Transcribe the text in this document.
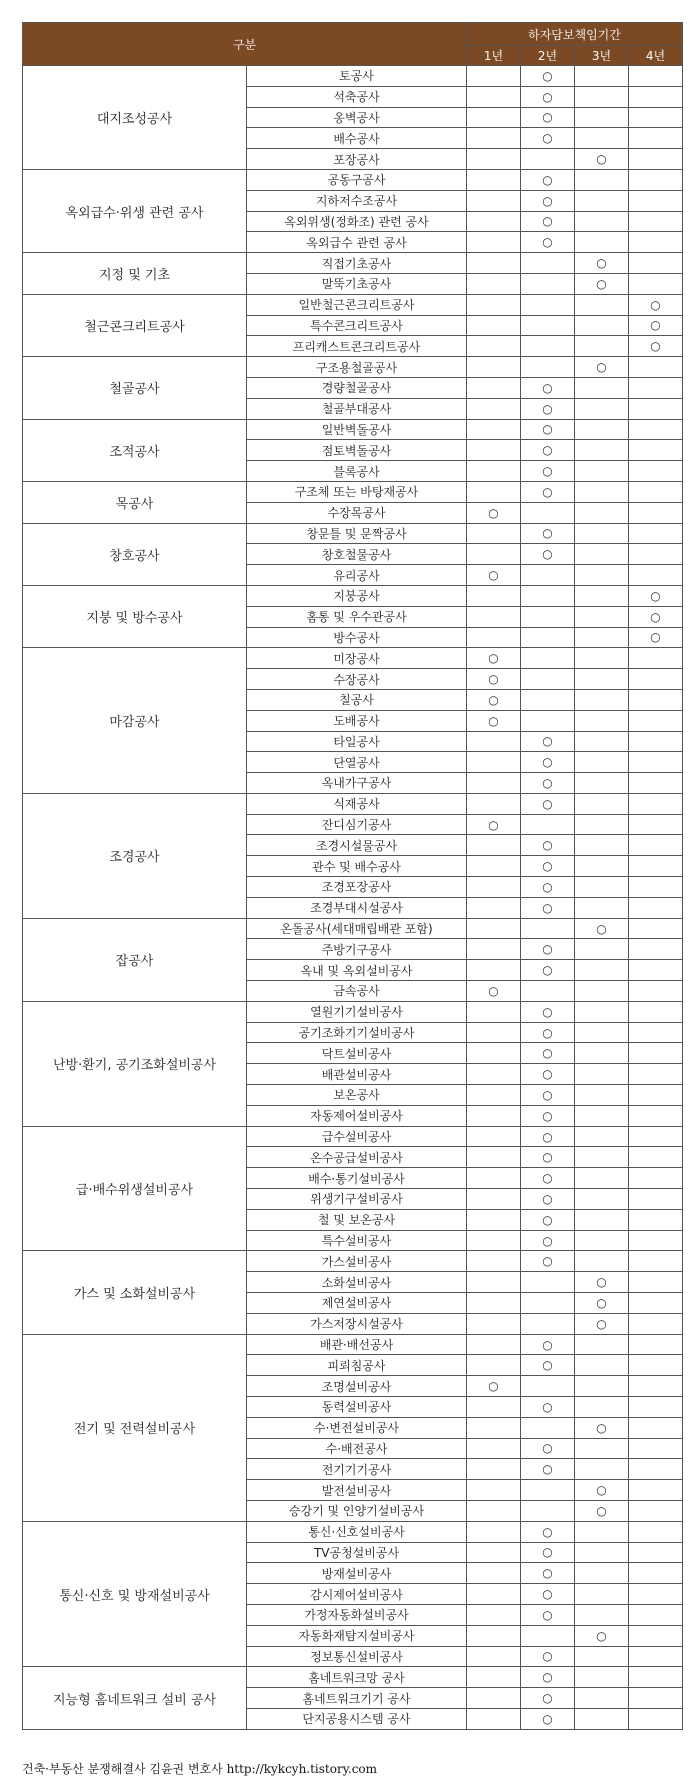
구분		하자담보책임기간			
		1년	2년	3년	4년
대지조성공사	토공사		○		
	석축공사		○		
	옹벽공사		○		
	배수공사		○		
	포장공사			○	
옥외급수·위생 관련 공사	공동구공사		○		
	지하저수조공사		○		
	옥외위생(정화조) 관련 공사		○		
	옥외급수 관련 공사		○		
지정 및 기초	직접기초공사			○	
	말뚝기초공사			○	
철근콘크리트공사	일반철근콘크리트공사				○
	특수콘크리트공사				○
	프리캐스트콘크리트공사				○
철골공사	구조용철골공사			○	
	경량철골공사		○		
	철골부대공사		○		
조적공사	일반벽돌공사		○		
	점토벽돌공사		○		
	블록공사		○		
목공사	구조체 또는 바탕재공사		○		
	수장목공사	○			
창호공사	창문틀 및 문짝공사		○		
	창호철물공사		○		
	유리공사	○			
지붕 및 방수공사	지붕공사				○
	홈통 및 우수관공사				○
	방수공사				○
마감공사	미장공사	○			
	수장공사	○			
	칠공사	○			
	도배공사	○			
	타일공사		○		
	단열공사		○		
	옥내가구공사		○		
조경공사	식재공사		○		
	잔디심기공사	○			
	조경시설물공사		○		
	관수 및 배수공사		○		
	조경포장공사		○		
	조경부대시설공사		○		
잡공사	온돌공사(세대매립배관 포함)			○	
	주방기구공사		○		
	옥내 및 옥외설비공사		○		
	금속공사	○			
난방·환기, 공기조화설비공사	열원기기설비공사		○		
	공기조화기기설비공사		○		
	닥트설비공사		○		
	배관설비공사		○		
	보온공사		○		
	자동제어설비공사		○		
급·배수위생설비공사	급수설비공사		○		
	온수공급설비공사		○		
	배수·통기설비공사		○		
	위생기구설비공사		○		
	철 및 보온공사		○		
	특수설비공사		○		
가스 및 소화설비공사	가스설비공사		○		
	소화설비공사			○	
	제연설비공사			○	
	가스저장시설공사			○	
전기 및 전력설비공사	배관·배선공사		○		
	피뢰침공사		○		
	조명설비공사	○			
	동력설비공사		○		
	수·변전설비공사			○	
	수·배전공사		○		
	전기기기공사		○		
	발전설비공사			○	
	승강기 및 인양기설비공사			○	
통신·신호 및 방재설비공사	통신·신호설비공사		○		
	TV공청설비공사		○		
	방재설비공사		○		
	감시제어설비공사		○		
	가정자동화설비공사		○		
	자동화재탐지설비공사			○	
	정보통신설비공사		○		
지능형 홈네트워크 설비 공사	홈네트워크망 공사		○		
	홈네트워크기기 공사		○		
	단지공용시스템 공사		○		
건축·부동산 분쟁해결사 김윤권 변호사 http://kykcyh.tistory.com
